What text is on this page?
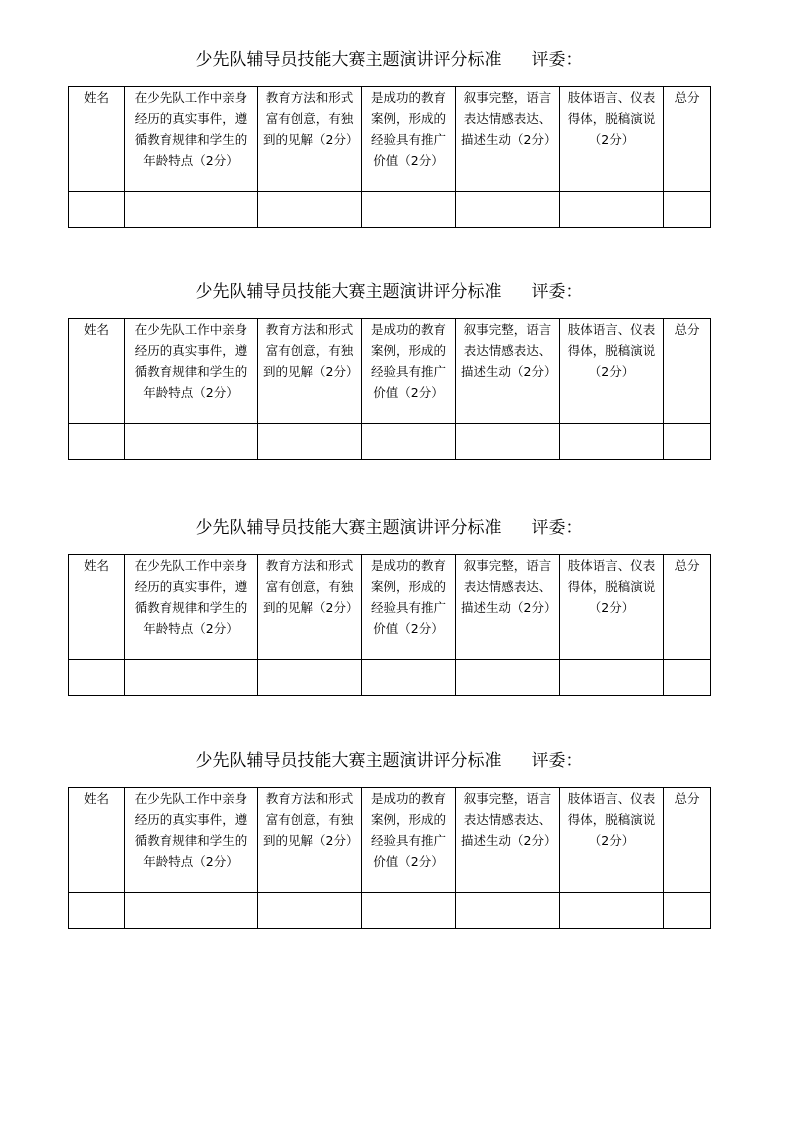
少先队辅导员技能大赛主题演讲评分标准 评委：
姓名	在少先队工作中亲身经历的真实事件，遵循教育规律和学生的年龄特点（2分）	教育方法和形式富有创意，有独到的见解（2分）	是成功的教育案例，形成的经验具有推广价值（2分）	叙事完整，语言表达情感表达、描述生动（2分）	肢体语言、仪表得体，脱稿演说（2分）	总分

少先队辅导员技能大赛主题演讲评分标准 评委：
姓名	在少先队工作中亲身经历的真实事件，遵循教育规律和学生的年龄特点（2分）	教育方法和形式富有创意，有独到的见解（2分）	是成功的教育案例，形成的经验具有推广价值（2分）	叙事完整，语言表达情感表达、描述生动（2分）	肢体语言、仪表得体，脱稿演说（2分）	总分

少先队辅导员技能大赛主题演讲评分标准 评委：
姓名	在少先队工作中亲身经历的真实事件，遵循教育规律和学生的年龄特点（2分）	教育方法和形式富有创意，有独到的见解（2分）	是成功的教育案例，形成的经验具有推广价值（2分）	叙事完整，语言表达情感表达、描述生动（2分）	肢体语言、仪表得体，脱稿演说（2分）	总分

少先队辅导员技能大赛主题演讲评分标准 评委：
姓名	在少先队工作中亲身经历的真实事件，遵循教育规律和学生的年龄特点（2分）	教育方法和形式富有创意，有独到的见解（2分）	是成功的教育案例，形成的经验具有推广价值（2分）	叙事完整，语言表达情感表达、描述生动（2分）	肢体语言、仪表得体，脱稿演说（2分）	总分
